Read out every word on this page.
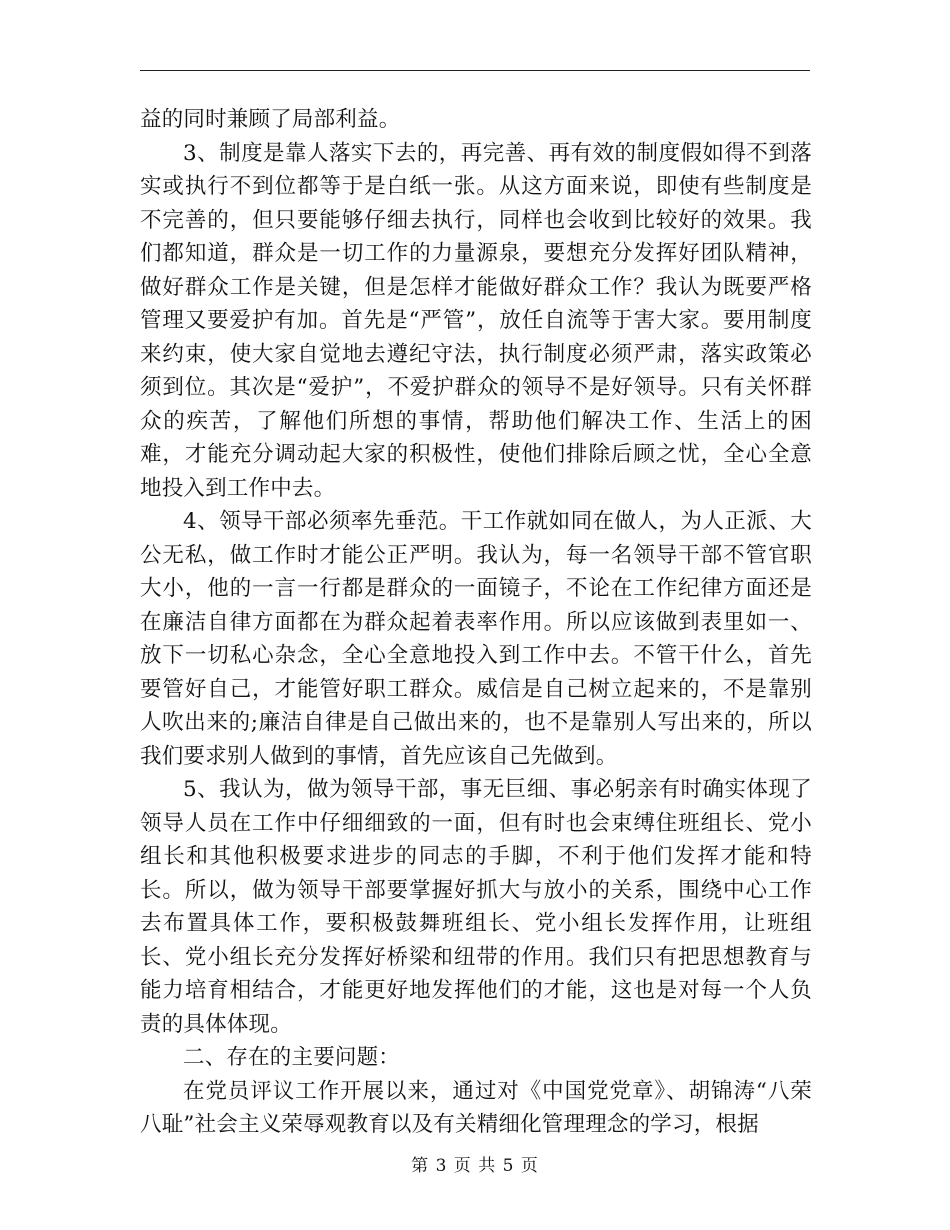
益的同时兼顾了局部利益。

3、制度是靠人落实下去的，再完善、再有效的制度假如得不到落实或执行不到位都等于是白纸一张。从这方面来说，即使有些制度是不完善的，但只要能够仔细去执行，同样也会收到比较好的效果。我们都知道，群众是一切工作的力量源泉，要想充分发挥好团队精神，做好群众工作是关键，但是怎样才能做好群众工作？我认为既要严格管理又要爱护有加。首先是“严管”，放任自流等于害大家。要用制度来约束，使大家自觉地去遵纪守法，执行制度必须严肃，落实政策必须到位。其次是“爱护”，不爱护群众的领导不是好领导。只有关怀群众的疾苦，了解他们所想的事情，帮助他们解决工作、生活上的困难，才能充分调动起大家的积极性，使他们排除后顾之忧，全心全意地投入到工作中去。

4、领导干部必须率先垂范。干工作就如同在做人，为人正派、大公无私，做工作时才能公正严明。我认为，每一名领导干部不管官职大小，他的一言一行都是群众的一面镜子，不论在工作纪律方面还是在廉洁自律方面都在为群众起着表率作用。所以应该做到表里如一、放下一切私心杂念，全心全意地投入到工作中去。不管干什么，首先要管好自己，才能管好职工群众。威信是自己树立起来的，不是靠别人吹出来的;廉洁自律是自己做出来的，也不是靠别人写出来的，所以我们要求别人做到的事情，首先应该自己先做到。

5、我认为，做为领导干部，事无巨细、事必躬亲有时确实体现了领导人员在工作中仔细细致的一面，但有时也会束缚住班组长、党小组长和其他积极要求进步的同志的手脚，不利于他们发挥才能和特长。所以，做为领导干部要掌握好抓大与放小的关系，围绕中心工作去布置具体工作，要积极鼓舞班组长、党小组长发挥作用，让班组长、党小组长充分发挥好桥梁和纽带的作用。我们只有把思想教育与能力培育相结合，才能更好地发挥他们的才能，这也是对每一个人负责的具体体现。

二、存在的主要问题：

在党员评议工作开展以来，通过对《中国党党章》、胡锦涛“八荣八耻”社会主义荣辱观教育以及有关精细化管理理念的学习，根据

第 3 页 共 5 页
